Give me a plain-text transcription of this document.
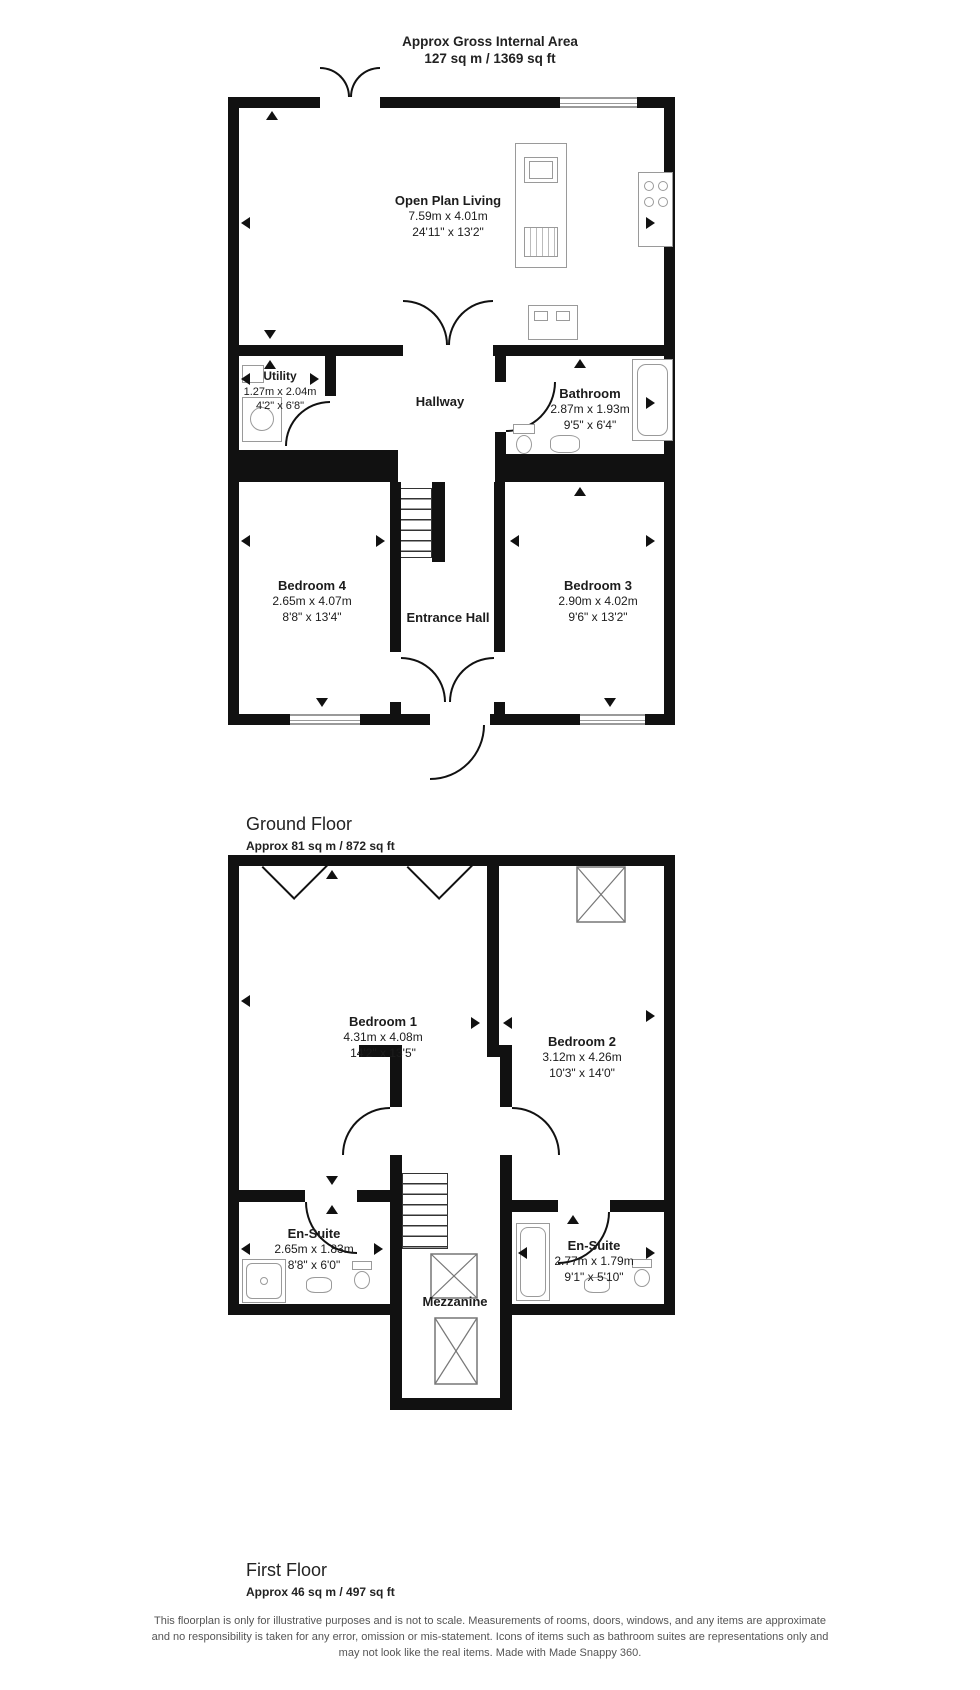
Approx Gross Internal Area
127 sq m / 1369 sq ft
Open Plan Living
7.59m x 4.01m
24'11" x 13'2"
Utility
1.27m x 2.04m
4'2" x 6'8"	Hallway
Bathroom
2.87m x 1.93m
9'5" x 6'4"
Bedroom 4
2.65m x 4.07m
8'8" x 13'4"	Entrance Hall
Bedroom 3
2.90m x 4.02m
9'6" x 13'2"
Ground Floor
Approx 81 sq m / 872 sq ft
Bedroom 1
4.31m x 4.08m
14'2" x 13'5"
Bedroom 2
3.12m x 4.26m
10'3" x 14'0"
En-Suite
2.65m x 1.83m
8'8" x 6'0"
En-Suite
2.77m x 1.79m
9'1" x 5'10"
Mezzanine
First Floor
Approx 46 sq m / 497 sq ft
This floorplan is only for illustrative purposes and is not to scale. Measurements of rooms, doors, windows, and any items are approximate
and no responsibility is taken for any error, omission or mis-statement. Icons of items such as bathroom suites are representations only and
may not look like the real items. Made with Made Snappy 360.
